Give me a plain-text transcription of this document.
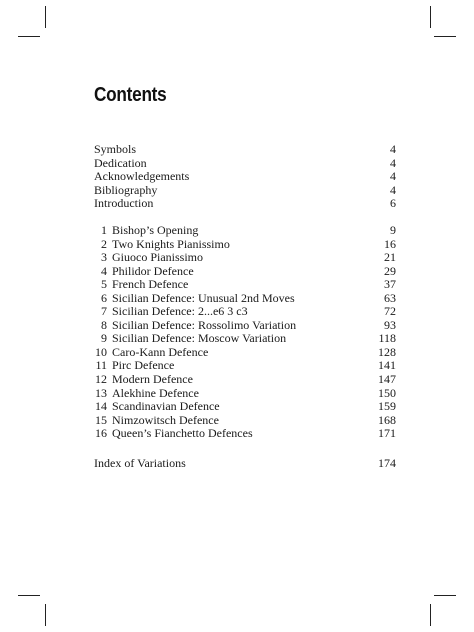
Contents
Symbols	4
Dedication	4
Acknowledgements	4
Bibliography	4
Introduction	6
1 Bishop’s Opening	9
2 Two Knights Pianissimo	16
3 Giuoco Pianissimo	21
4 Philidor Defence	29
5 French Defence	37
6 Sicilian Defence: Unusual 2nd Moves	63
7 Sicilian Defence: 2...e6 3 c3	72
8 Sicilian Defence: Rossolimo Variation	93
9 Sicilian Defence: Moscow Variation	118
10 Caro-Kann Defence	128
11 Pirc Defence	141
12 Modern Defence	147
13 Alekhine Defence	150
14 Scandinavian Defence	159
15 Nimzowitsch Defence	168
16 Queen’s Fianchetto Defences	171
Index of Variations	174
